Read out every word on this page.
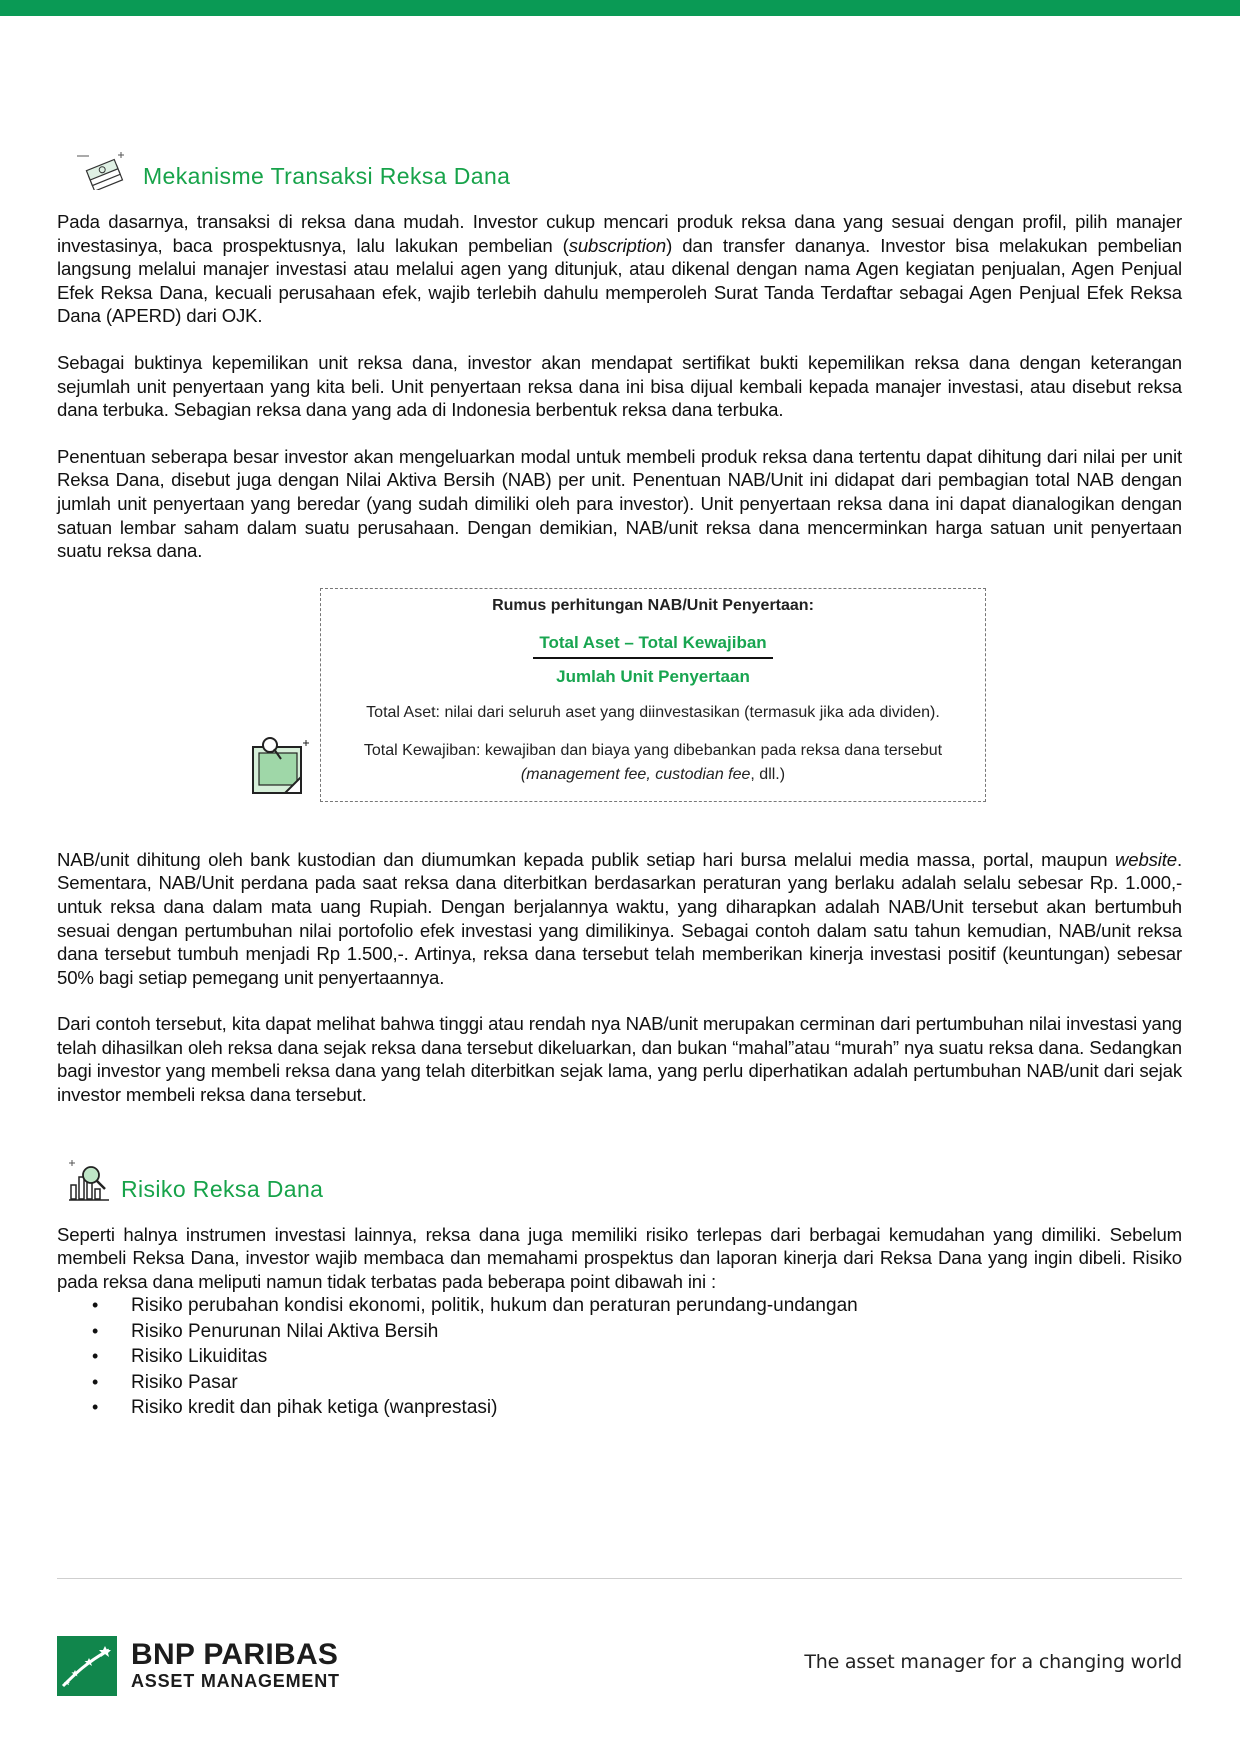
Mekanisme Transaksi Reksa Dana

Pada dasarnya, transaksi di reksa dana mudah. Investor cukup mencari produk reksa dana yang sesuai dengan profil, pilih manajer investasinya, baca prospektusnya, lalu lakukan pembelian (subscription) dan transfer dananya. Investor bisa melakukan pembelian langsung melalui manajer investasi atau melalui agen yang ditunjuk, atau dikenal dengan nama Agen kegiatan penjualan, Agen Penjual Efek Reksa Dana, kecuali perusahaan efek, wajib terlebih dahulu memperoleh Surat Tanda Terdaftar sebagai Agen Penjual Efek Reksa Dana (APERD) dari OJK.

Sebagai buktinya kepemilikan unit reksa dana, investor akan mendapat sertifikat bukti kepemilikan reksa dana dengan keterangan sejumlah unit penyertaan yang kita beli. Unit penyertaan reksa dana ini bisa dijual kembali kepada manajer investasi, atau disebut reksa dana terbuka. Sebagian reksa dana yang ada di Indonesia berbentuk reksa dana terbuka.

Penentuan seberapa besar investor akan mengeluarkan modal untuk membeli produk reksa dana tertentu dapat dihitung dari nilai per unit Reksa Dana, disebut juga dengan Nilai Aktiva Bersih (NAB) per unit. Penentuan NAB/Unit ini didapat dari pembagian total NAB dengan jumlah unit penyertaan yang beredar (yang sudah dimiliki oleh para investor). Unit penyertaan reksa dana ini dapat dianalogikan dengan satuan lembar saham dalam suatu perusahaan. Dengan demikian, NAB/unit reksa dana mencerminkan harga satuan unit penyertaan suatu reksa dana.

Rumus perhitungan NAB/Unit Penyertaan:
Total Aset – Total Kewajiban
Jumlah Unit Penyertaan
Total Aset: nilai dari seluruh aset yang diinvestasikan (termasuk jika ada dividen).
Total Kewajiban: kewajiban dan biaya yang dibebankan pada reksa dana tersebut
(management fee, custodian fee, dll.)

NAB/unit dihitung oleh bank kustodian dan diumumkan kepada publik setiap hari bursa melalui media massa, portal, maupun website. Sementara, NAB/Unit perdana pada saat reksa dana diterbitkan berdasarkan peraturan yang berlaku adalah selalu sebesar Rp. 1.000,- untuk reksa dana dalam mata uang Rupiah. Dengan berjalannya waktu, yang diharapkan adalah NAB/Unit tersebut akan bertumbuh sesuai dengan pertumbuhan nilai portofolio efek investasi yang dimilikinya. Sebagai contoh dalam satu tahun kemudian, NAB/unit reksa dana tersebut tumbuh menjadi Rp 1.500,-. Artinya, reksa dana tersebut telah memberikan kinerja investasi positif (keuntungan) sebesar 50% bagi setiap pemegang unit penyertaannya.

Dari contoh tersebut, kita dapat melihat bahwa tinggi atau rendah nya NAB/unit merupakan cerminan dari pertumbuhan nilai investasi yang telah dihasilkan oleh reksa dana sejak reksa dana tersebut dikeluarkan, dan bukan “mahal”atau “murah” nya suatu reksa dana. Sedangkan bagi investor yang membeli reksa dana yang telah diterbitkan sejak lama, yang perlu diperhatikan adalah pertumbuhan NAB/unit dari sejak investor membeli reksa dana tersebut.

Risiko Reksa Dana

Seperti halnya instrumen investasi lainnya, reksa dana juga memiliki risiko terlepas dari berbagai kemudahan yang dimiliki. Sebelum membeli Reksa Dana, investor wajib membaca dan memahami prospektus dan laporan kinerja dari Reksa Dana yang ingin dibeli. Risiko pada reksa dana meliputi namun tidak terbatas pada beberapa point dibawah ini :

• Risiko perubahan kondisi ekonomi, politik, hukum dan peraturan perundang-undangan
• Risiko Penurunan Nilai Aktiva Bersih
• Risiko Likuiditas
• Risiko Pasar
• Risiko kredit dan pihak ketiga (wanprestasi)
BNP PARIBAS
ASSET MANAGEMENT
The asset manager for a changing world
